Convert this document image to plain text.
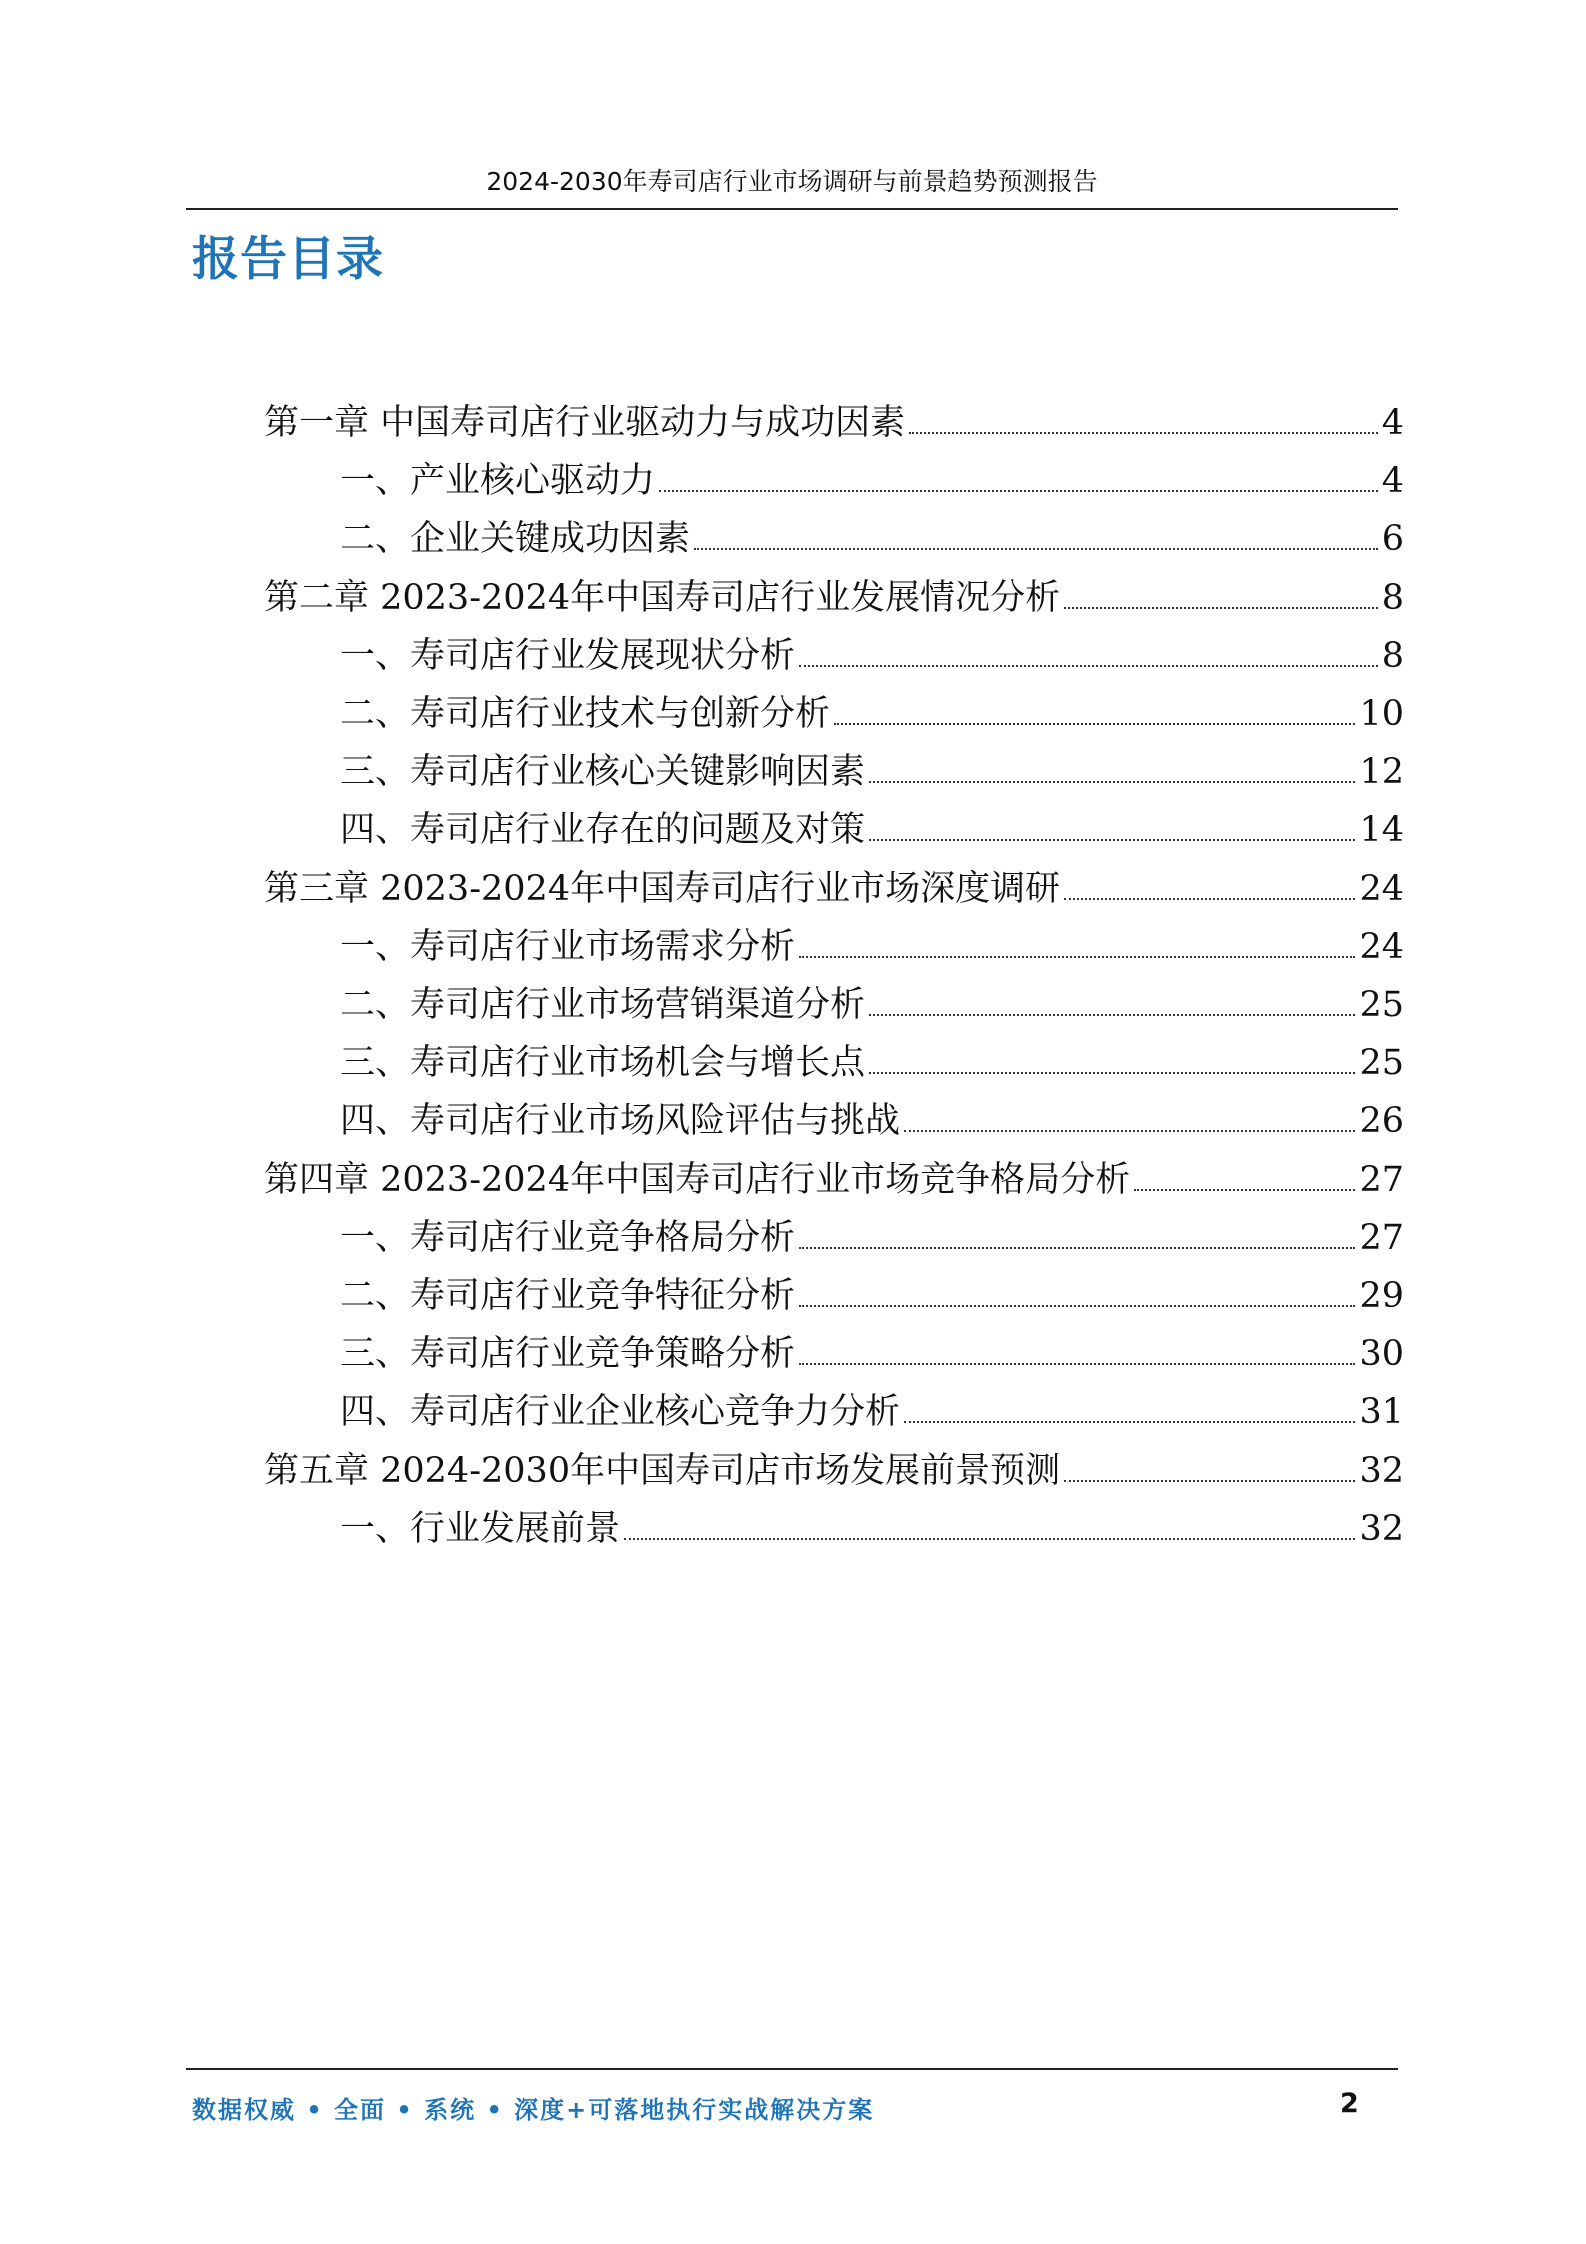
2024-2030年寿司店行业市场调研与前景趋势预测报告
报告目录
第一章 中国寿司店行业驱动力与成功因素	4
一、产业核心驱动力	4
二、企业关键成功因素	6
第二章 2023-2024年中国寿司店行业发展情况分析	8
一、寿司店行业发展现状分析	8
二、寿司店行业技术与创新分析	10
三、寿司店行业核心关键影响因素	12
四、寿司店行业存在的问题及对策	14
第三章 2023-2024年中国寿司店行业市场深度调研	24
一、寿司店行业市场需求分析	24
二、寿司店行业市场营销渠道分析	25
三、寿司店行业市场机会与增长点	25
四、寿司店行业市场风险评估与挑战	26
第四章 2023-2024年中国寿司店行业市场竞争格局分析	27
一、寿司店行业竞争格局分析	27
二、寿司店行业竞争特征分析	29
三、寿司店行业竞争策略分析	30
四、寿司店行业企业核心竞争力分析	31
第五章 2024-2030年中国寿司店市场发展前景预测	32
一、行业发展前景	32
数据权威 • 全面 • 系统 • 深度+可落地执行实战解决方案	2
